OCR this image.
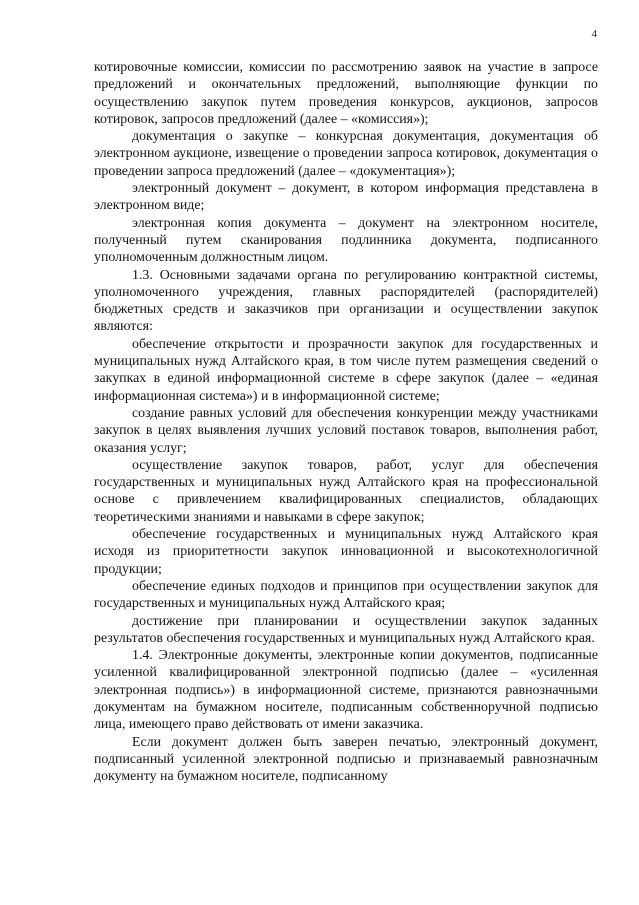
4

котировочные комиссии, комиссии по рассмотрению заявок на участие в запросе предложений и окончательных предложений, выполняющие функции по осуществлению закупок путем проведения конкурсов, аукционов, запросов котировок, запросов предложений (далее – «комиссия»);

документация о закупке – конкурсная документация, документация об электронном аукционе, извещение о проведении запроса котировок, документация о проведении запроса предложений (далее – «документация»);

электронный документ – документ, в котором информация представлена в электронном виде;

электронная копия документа – документ на электронном носителе, полученный путем сканирования подлинника документа, подписанного уполномоченным должностным лицом.

1.3. Основными задачами органа по регулированию контрактной системы, уполномоченного учреждения, главных распорядителей (распорядителей) бюджетных средств и заказчиков при организации и осуществлении закупок являются:

обеспечение открытости и прозрачности закупок для государственных и муниципальных нужд Алтайского края, в том числе путем размещения сведений о закупках в единой информационной системе в сфере закупок (далее – «единая информационная система») и в информационной системе;

создание равных условий для обеспечения конкуренции между участниками закупок в целях выявления лучших условий поставок товаров, выполнения работ, оказания услуг;

осуществление закупок товаров, работ, услуг для обеспечения государственных и муниципальных нужд Алтайского края на профессиональной основе с привлечением квалифицированных специалистов, обладающих теоретическими знаниями и навыками в сфере закупок;

обеспечение государственных и муниципальных нужд Алтайского края исходя из приоритетности закупок инновационной и высокотехнологичной продукции;

обеспечение единых подходов и принципов при осуществлении закупок для государственных и муниципальных нужд Алтайского края;

достижение при планировании и осуществлении закупок заданных результатов обеспечения государственных и муниципальных нужд Алтайского края.

1.4. Электронные документы, электронные копии документов, подписанные усиленной квалифицированной электронной подписью (далее – «усиленная электронная подпись») в информационной системе, признаются равнозначными документам на бумажном носителе, подписанным собственноручной подписью лица, имеющего право действовать от имени заказчика.

Если документ должен быть заверен печатью, электронный документ, подписанный усиленной электронной подписью и признаваемый равнозначным документу на бумажном носителе, подписанному
